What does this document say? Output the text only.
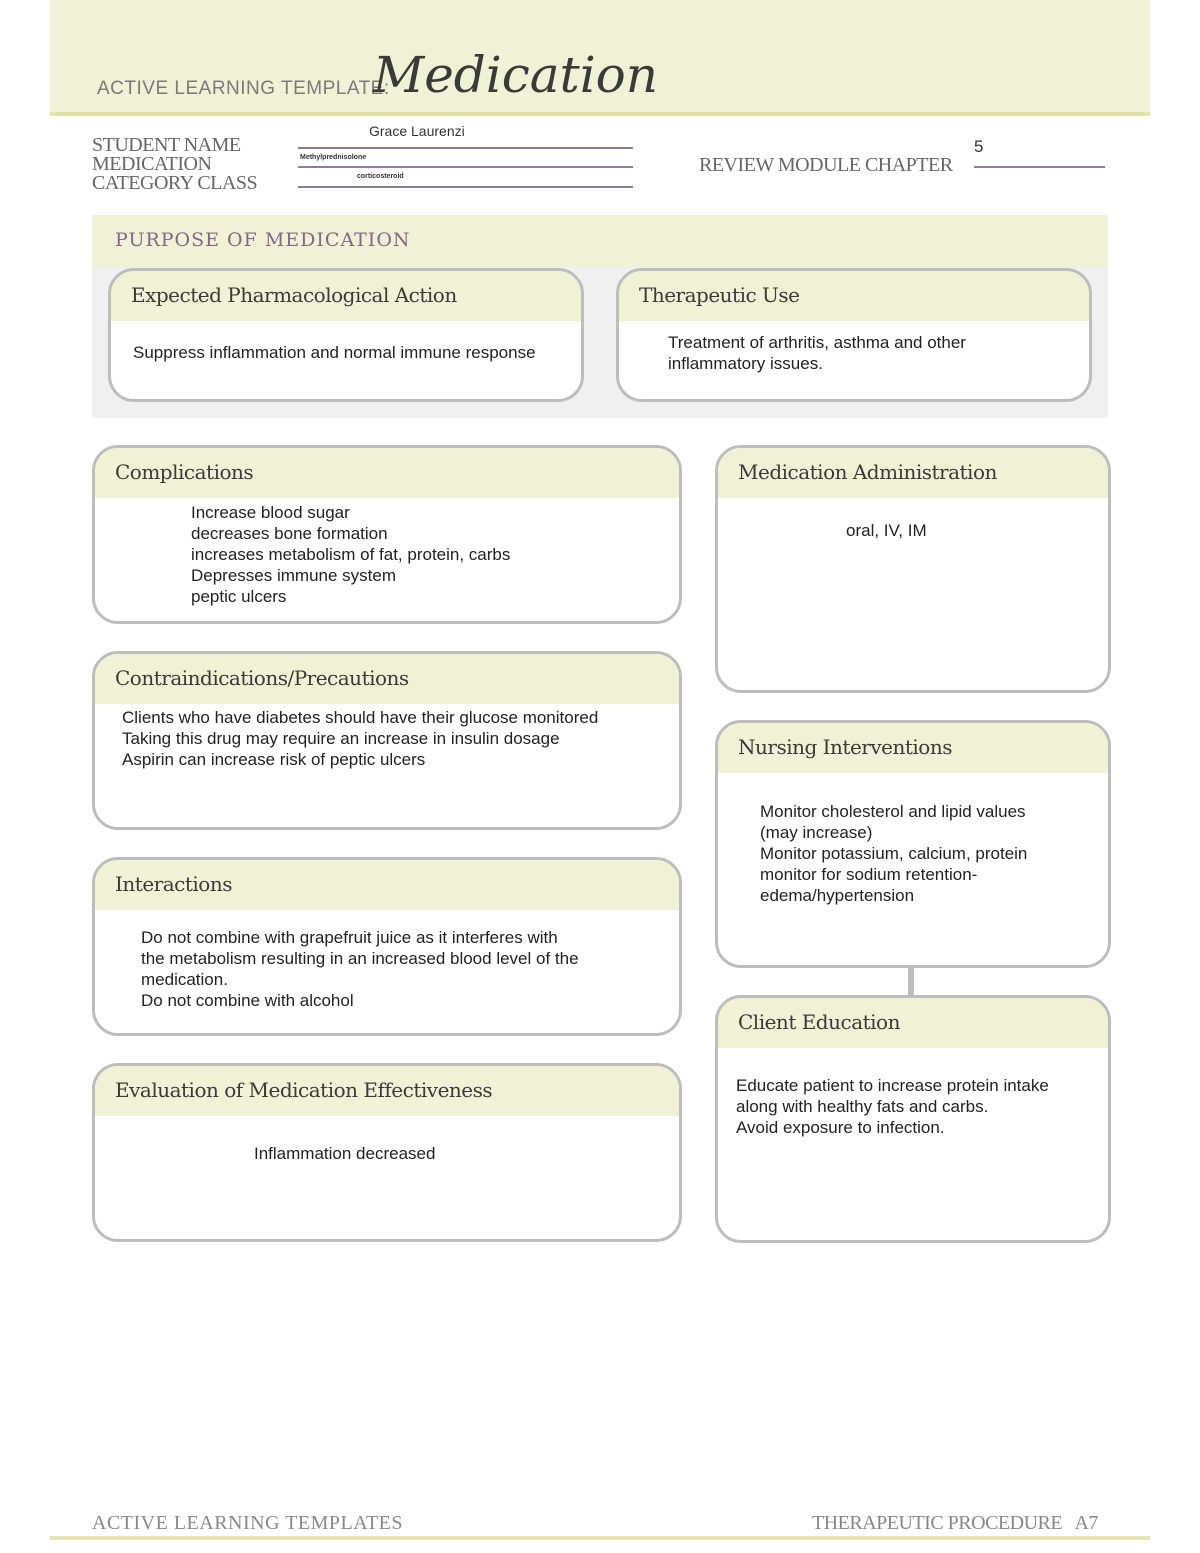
ACTIVE LEARNING TEMPLATE:
Medication
STUDENT NAME
MEDICATION
CATEGORY CLASS
Grace Laurenzi
Methylprednisolone
corticosteroid
REVIEW MODULE CHAPTER
5
PURPOSE OF MEDICATION
Expected Pharmacological Action
Suppress inflammation and normal immune response
Therapeutic Use
Treatment of arthritis, asthma and other
inflammatory issues.
Complications
Increase blood sugar
decreases bone formation
increases metabolism of fat, protein, carbs
Depresses immune system
peptic ulcers
Contraindications/Precautions
Clients who have diabetes should have their glucose monitored
Taking this drug may require an increase in insulin dosage
Aspirin can increase risk of peptic ulcers
Interactions
Do not combine with grapefruit juice as it interferes with
the metabolism resulting in an increased blood level of the
medication.
Do not combine with alcohol
Evaluation of Medication Effectiveness
Inflammation decreased
Medication Administration
oral, IV, IM
Nursing Interventions
Monitor cholesterol and lipid values
(may increase)
Monitor potassium, calcium, protein
monitor for sodium retention-
edema/hypertension
Client Education
Educate patient to increase protein intake
along with healthy fats and carbs.
Avoid exposure to infection.
ACTIVE LEARNING TEMPLATES	THERAPEUTIC PROCEDURE   A7
